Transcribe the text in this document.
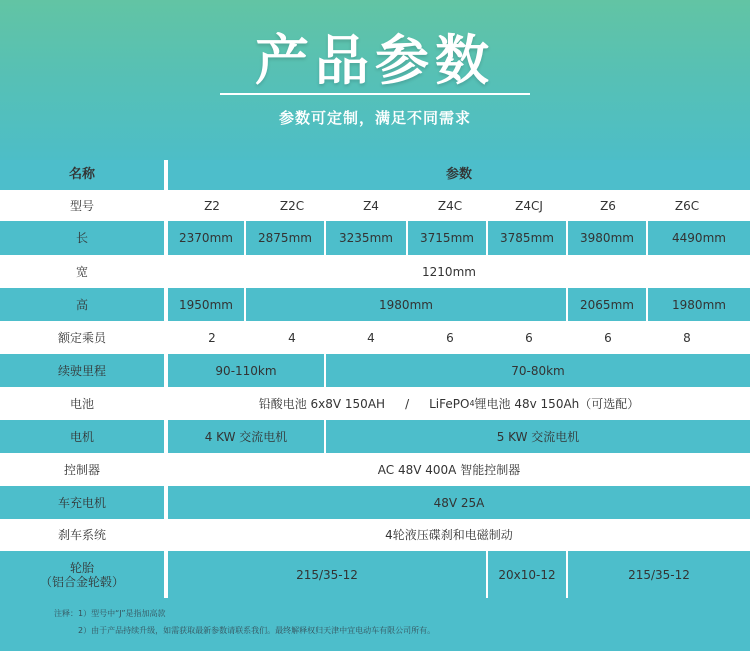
产品参数
参数可定制，满足不同需求
名称	参数
型号	Z2	Z2C	Z4	Z4C	Z4CJ	Z6	Z6C
长	2370mm	2875mm	3235mm	3715mm	3785mm	3980mm	4490mm
宽	1210mm
高	1950mm	1980mm	2065mm	1980mm
额定乘员	2	4	4	6	6	6	8
续驶里程	90-110km	70-80km
电池	铅酸电池 6x8V 150AH	/	LiFePO 4 锂电池 48v 150Ah（可选配）
电机	4 KW 交流电机	5 KW 交流电机
控制器	AC 48V 400A 智能控制器
车充电机	48V 25A
刹车系统	4轮液压碟刹和电磁制动
轮胎
（铝合金轮毂）	215/35-12	20x10-12	215/35-12
注释：1）型号中“J”是指加高款
2）由于产品持续升级，如需获取最新参数请联系我们。最终解释权归天津中宜电动车有限公司所有。
